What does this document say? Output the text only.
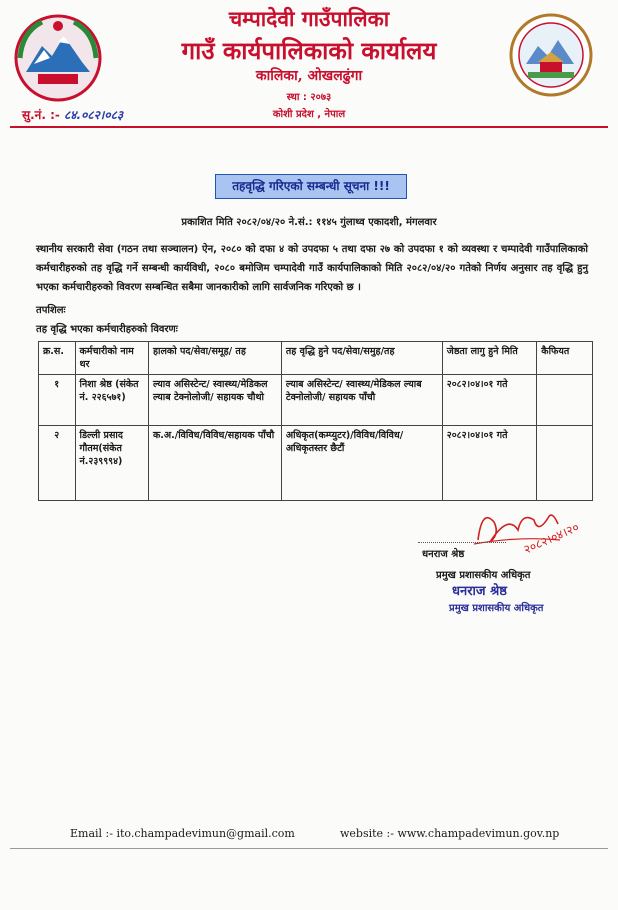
चम्पादेवी गाउँपालिका
गाउँ कार्यपालिकाको कार्यालय
कालिका, ओखलढुंगा
स्था : २०७३
कोशी प्रदेश , नेपाल
सु.नं. :- ८४.०८२।०८३
तहवृद्धि गरिएको सम्बन्धी सूचना !!!
प्रकाशित मिति २०८२/०४/२० ने.सं.: ११४५ गुंलाथ्व एकादशी, मंगलवार
स्थानीय सरकारी सेवा (गठन तथा सञ्चालन) ऐन, २०८० को दफा ४ को उपदफा ५ तथा दफा २७ को उपदफा १ को व्यवस्था र चम्पादेवी गाउँपालिकाको कर्मचारीहरुको तह वृद्धि गर्ने सम्बन्धी कार्यविधी, २०८० बमोजिम चम्पादेवी गाउँ कार्यपालिकाको मिति २०८२/०४/२० गतेको निर्णय अनुसार तह वृद्धि हुनु भएका कर्मचारीहरुको विवरण सम्बन्धित सबैमा जानकारीको लागि सार्वजनिक गरिएको छ ।
तपशिलः
तह वृद्धि भएका कर्मचारीहरुको विवरणः
क्र.स.	कर्मचारीको नाम थर	हालको पद/सेवा/समूह/ तह	तह वृद्धि हुने पद/सेवा/समुह/तह	जेष्ठता लागु हुने मिति	कैफियत
१	निशा श्रेष्ठ (संकेत नं. २२६५७१)	ल्याव असिस्टेन्ट/ स्वास्थ्य/मेडिकल ल्याब टेक्नोलोजी/ सहायक चौथो	ल्याब असिस्टेन्ट/ स्वास्थ्य/मेडिकल ल्याब टेक्नोलोजी/ सहायक पाँचौ	२०८२।०४।०१ गते	
२	डिल्ली प्रसाद गौतम(संकेत नं.२३९९९४)	क.अ./विविध/विविध/सहायक पाँचौ	अधिकृत(कम्प्युटर)/विविध/विविध/ अधिकृतस्तर छैटौं	२०८२।०४।०१ गते	
२०८२।०४।२०
धनराज श्रेष्ठ
प्रमुख प्रशासकीय अधिकृत
धनराज श्रेष्ठ
प्रमुख प्रशासकीय अधिकृत
Email :- ito.champadevimun@gmail.com	website :- www.champadevimun.gov.np
